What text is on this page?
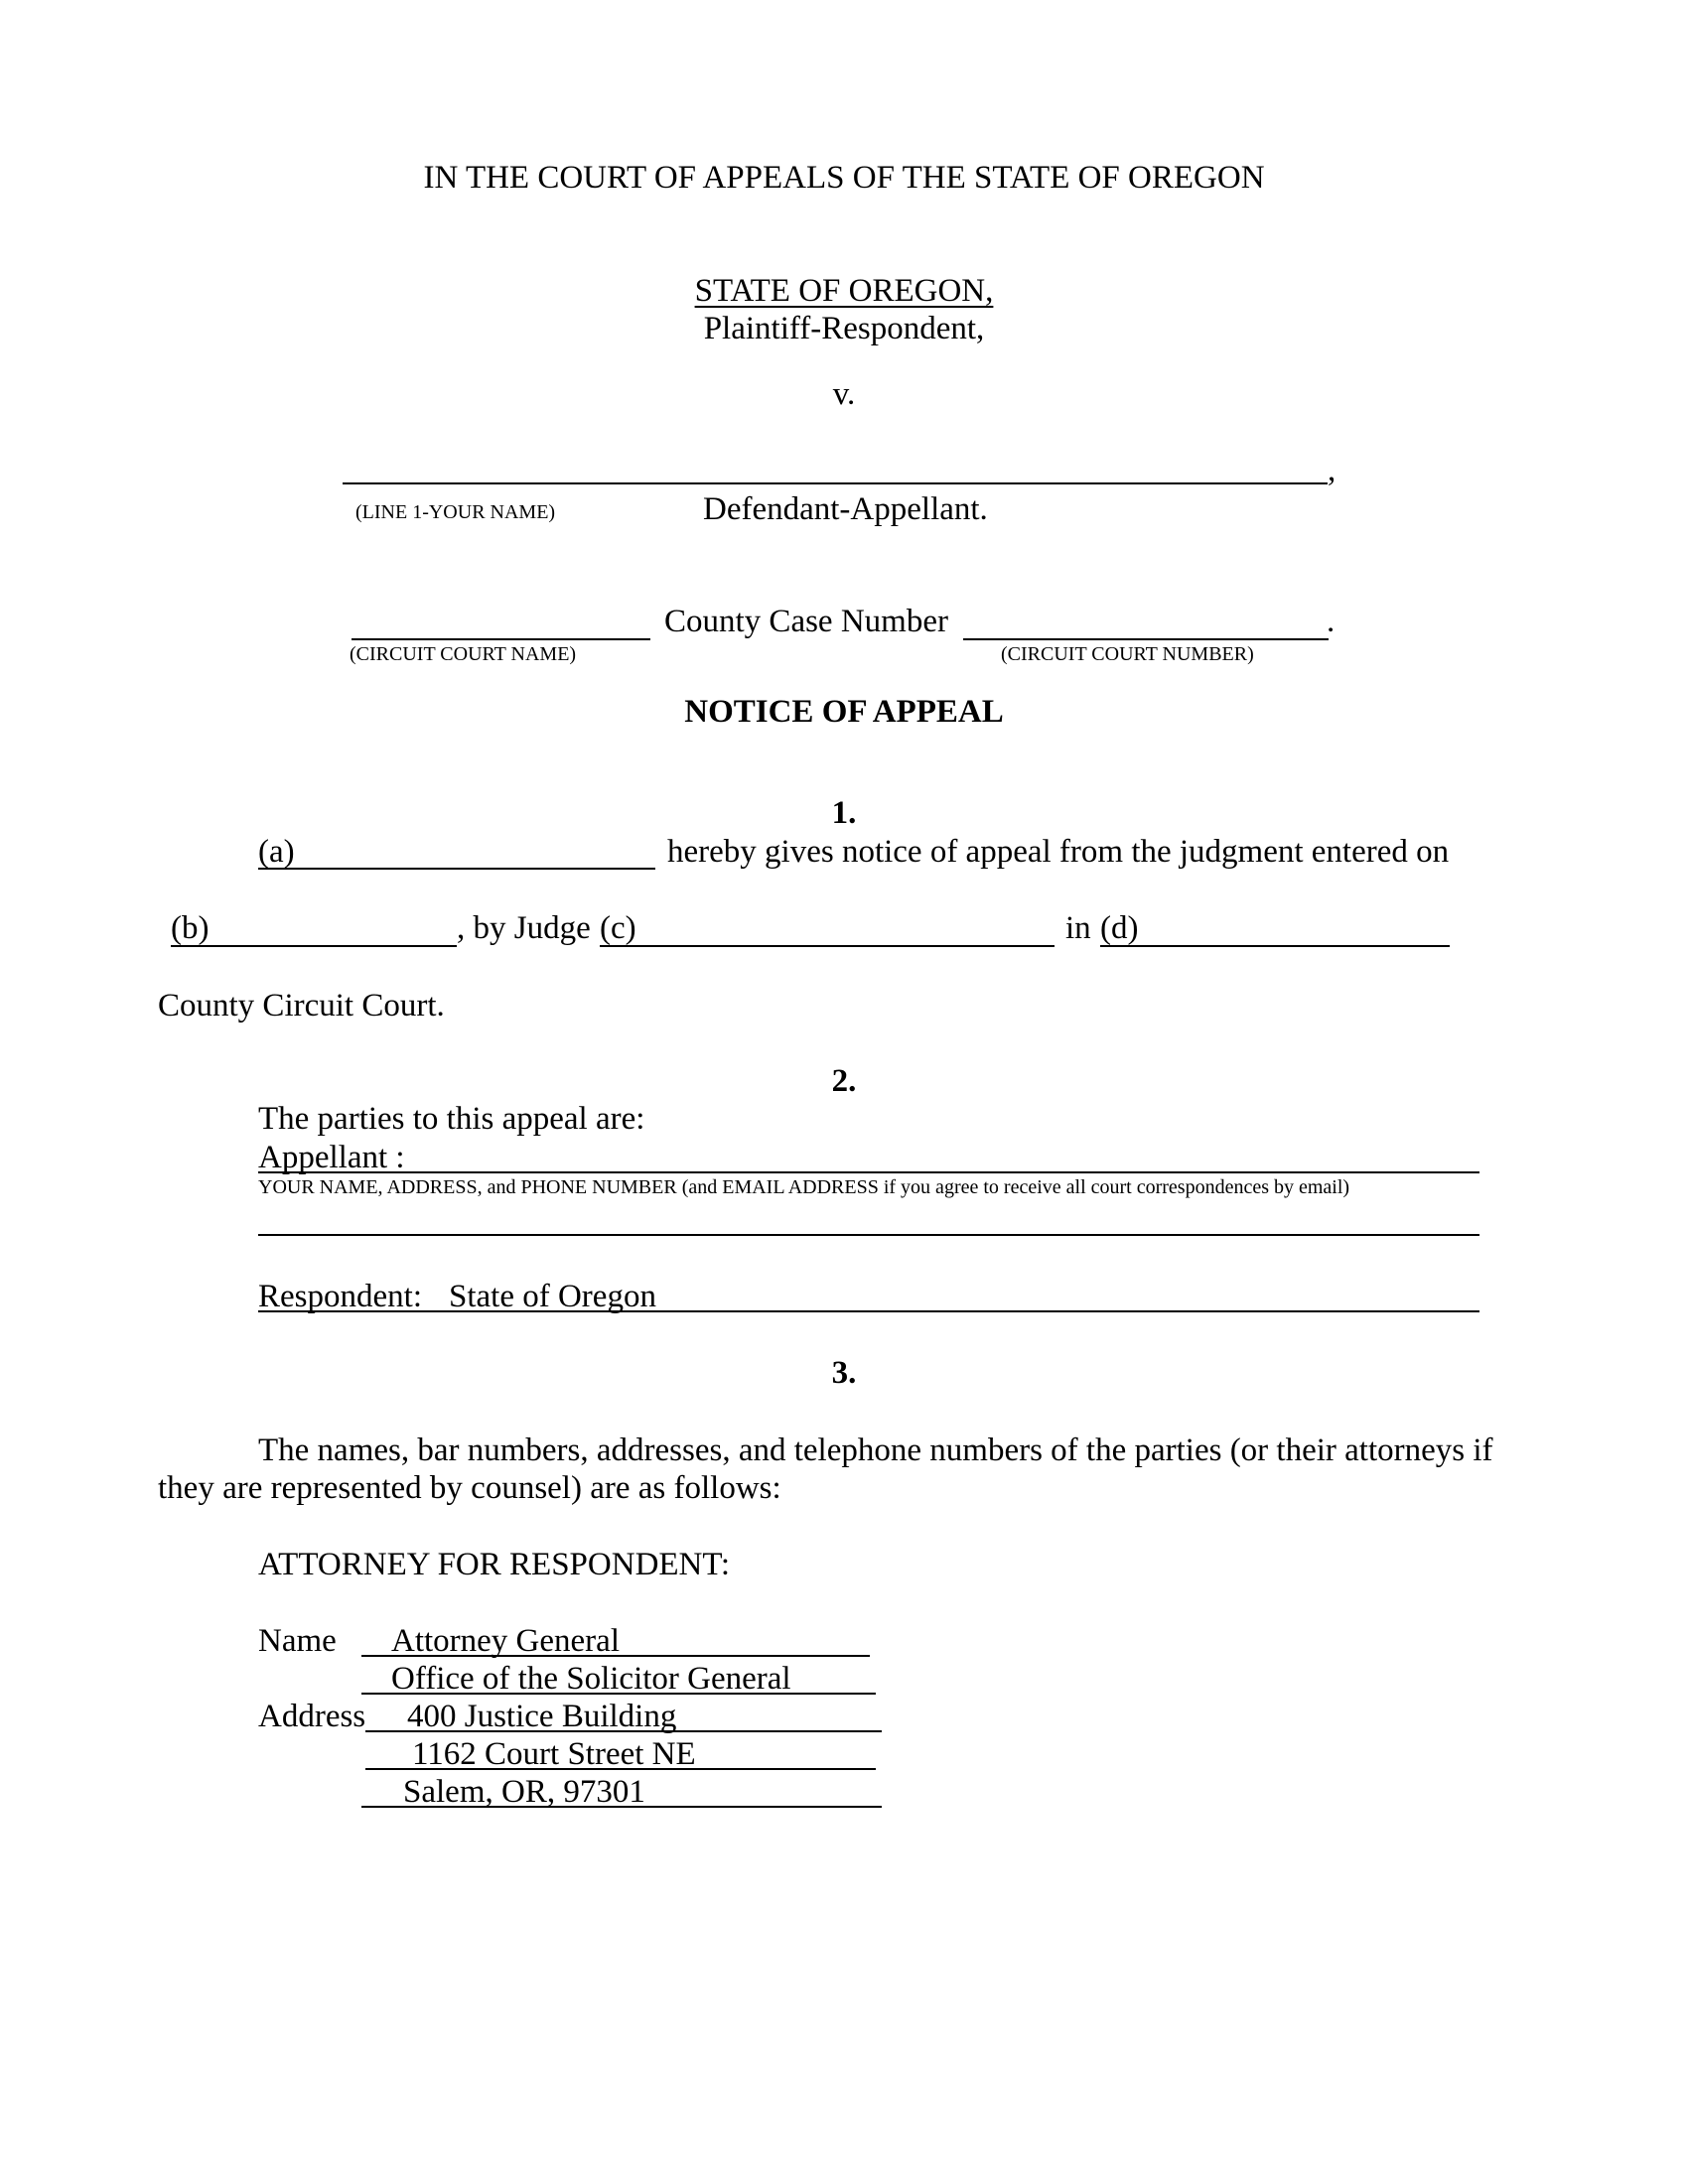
IN THE COURT OF APPEALS OF THE STATE OF OREGON
STATE OF OREGON,
Plaintiff-Respondent,
v.
,
(LINE 1-YOUR NAME)	Defendant-Appellant.
County Case Number	.
(CIRCUIT COURT NAME)	(CIRCUIT COURT NUMBER)
NOTICE OF APPEAL
1.
(a)	hereby gives notice of appeal from the judgment entered on
(b)	, by Judge (c)	in (d)
County Circuit Court.
2.
The parties to this appeal are:
Appellant :
YOUR NAME, ADDRESS, and PHONE NUMBER (and EMAIL ADDRESS if you agree to receive all court correspondences by email)
Respondent: State of Oregon
3.
The names, bar numbers, addresses, and telephone numbers of the parties (or their attorneys if
they are represented by counsel) are as follows:
ATTORNEY FOR RESPONDENT:
Name Attorney General
Office of the Solicitor General
Address 400 Justice Building
1162 Court Street NE
Salem, OR, 97301
